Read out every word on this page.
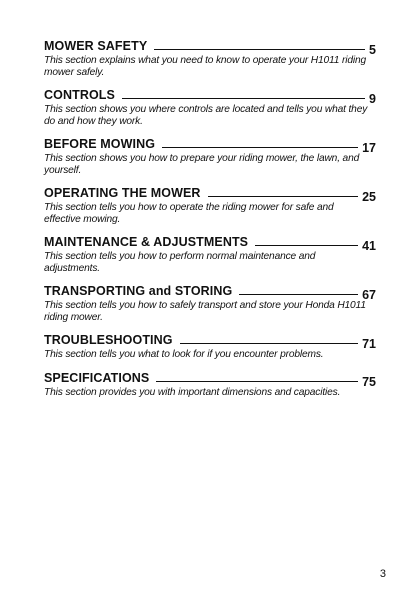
MOWER SAFETY	5
This section explains what you need to know to operate your H1011 riding mower safely.
CONTROLS	9
This section shows you where controls are located and tells you what they do and how they work.
BEFORE MOWING	17
This section shows you how to prepare your riding mower, the lawn, and yourself.
OPERATING THE MOWER	25
This section tells you how to operate the riding mower for safe and effective mowing.
MAINTENANCE & ADJUSTMENTS	41
This section tells you how to perform normal maintenance and adjustments.
TRANSPORTING and STORING	67
This section tells you how to safely transport and store your Honda H1011 riding mower.
TROUBLESHOOTING	71
This section tells you what to look for if you encounter problems.
SPECIFICATIONS	75
This section provides you with important dimensions and capacities.
3
